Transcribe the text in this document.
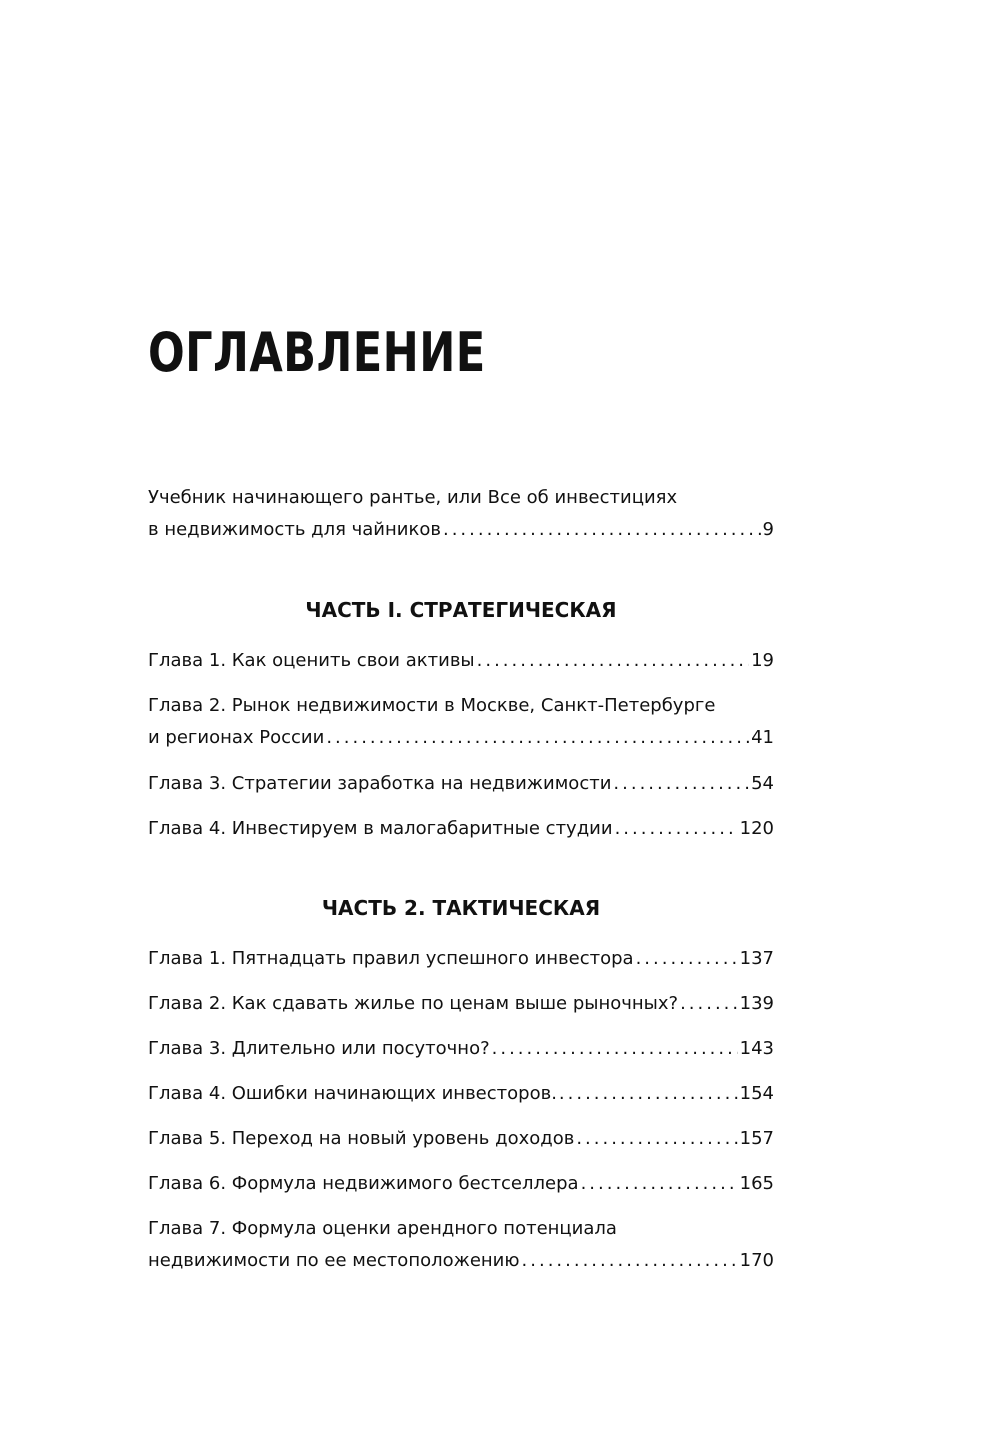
ОГЛАВЛЕНИЕ
Учебник начинающего рантье, или Все об инвестициях
в недвижимость для чайников .....	9
ЧАСТЬ I. СТРАТЕГИЧЕСКАЯ
Глава 1. Как оценить свои активы .....	19
Глава 2. Рынок недвижимости в Москве, Санкт-Петербурге
и регионах России .....	41
Глава 3. Стратегии заработка на недвижимости .....	54
Глава 4. Инвестируем в малогабаритные студии .....	120
ЧАСТЬ 2. ТАКТИЧЕСКАЯ
Глава 1. Пятнадцать правил успешного инвестора .....	137
Глава 2. Как сдавать жилье по ценам выше рыночных? .....	139
Глава 3. Длительно или посуточно? .....	143
Глава 4. Ошибки начинающих инвесторов. .....	154
Глава 5. Переход на новый уровень доходов .....	157
Глава 6. Формула недвижимого бестселлера .....	165
Глава 7. Формула оценки арендного потенциала
недвижимости по ее местоположению .....	170
